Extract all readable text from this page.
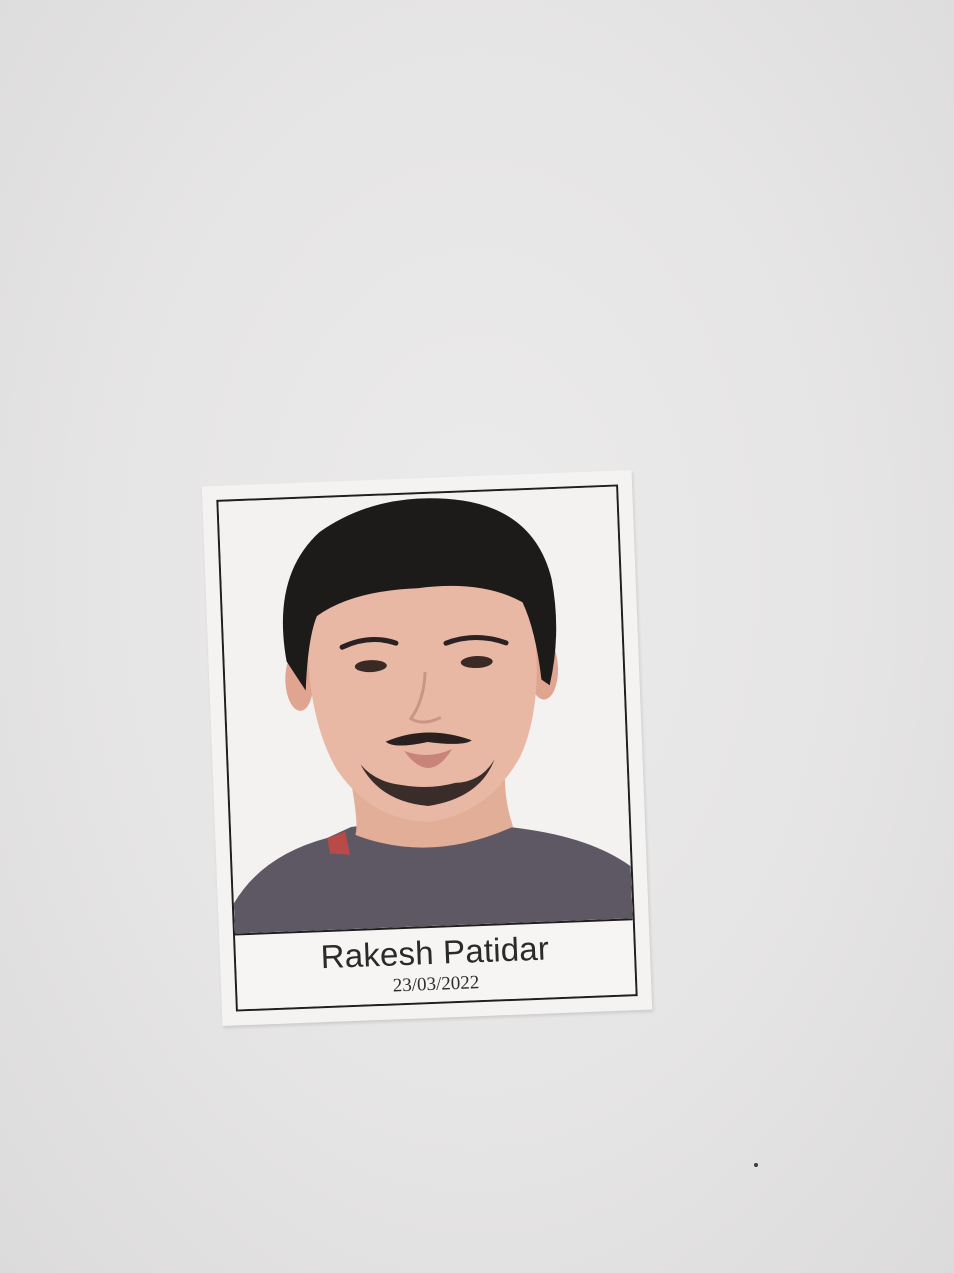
Rakesh Patidar
23/03/2022
